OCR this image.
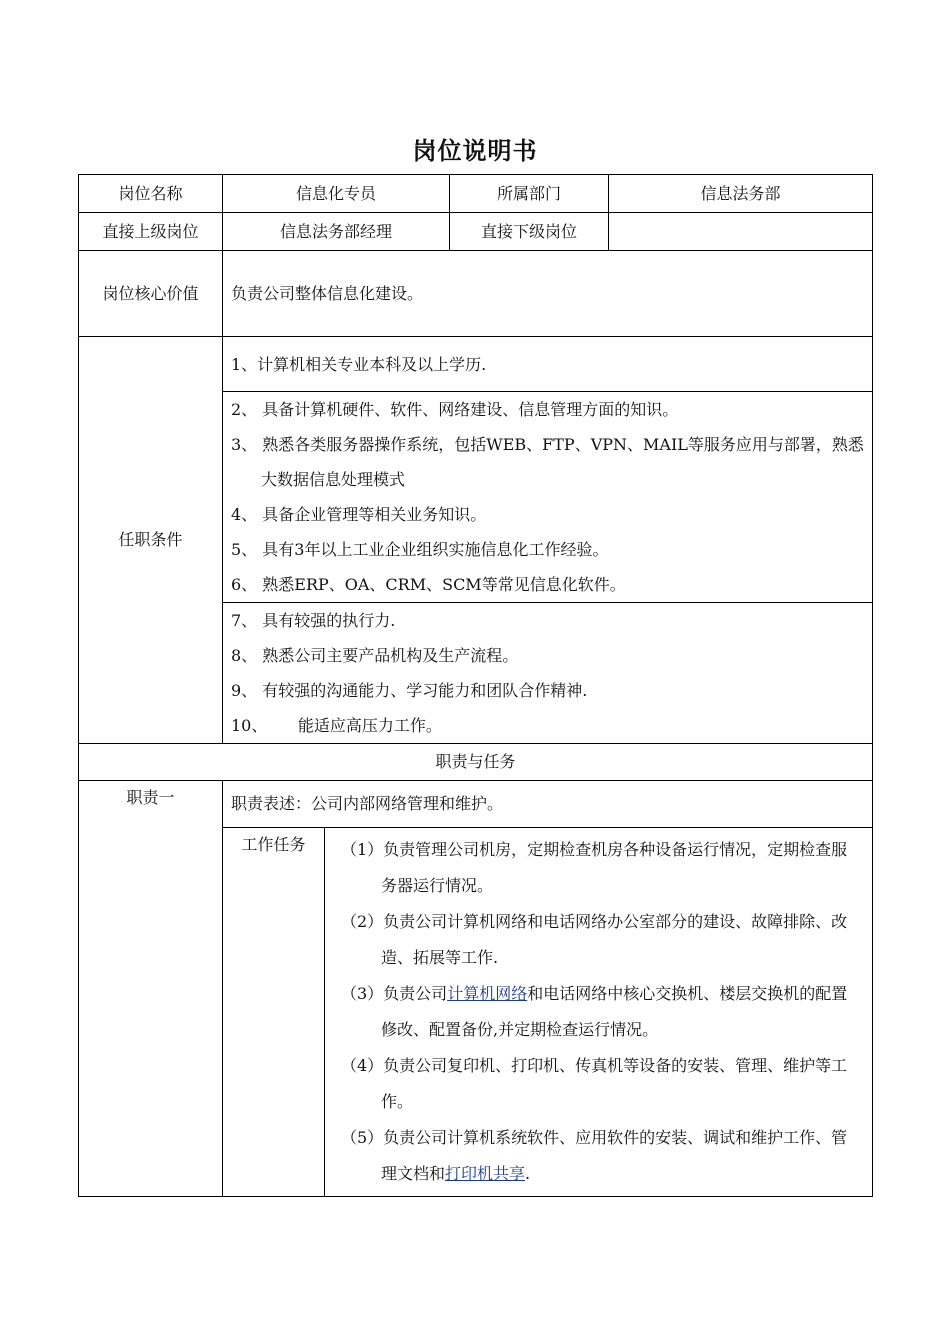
岗位说明书
岗位名称	信息化专员		所属部门	信息法务部
直接上级岗位	信息法务部经理		直接下级岗位	
岗位核心价值	负责公司整体信息化建设。			
任职条件	1、计算机相关专业本科及以上学历.			

	2、 具备计算机硬件、软件、网络建设、信息管理方面的知识。
3、 熟悉各类服务器操作系统，包括WEB、FTP、VPN、MAIL等服务应用与部署，熟悉大数据信息处理模式
4、 具备企业管理等相关业务知识。
5、 具有3年以上工业企业组织实施信息化工作经验。
6、 熟悉ERP、OA、CRM、SCM等常见信息化软件。			

	7、 具有较强的执行力.
8、 熟悉公司主要产品机构及生产流程。
9、 有较强的沟通能力、学习能力和团队合作精神.
10、      能适应高压力工作。			

职责与任务				
职责一	职责表述：公司内部网络管理和维护。			
	工作任务	（1）负责管理公司机房，定期检查机房各种设备运行情况，定期检查服务器运行情况。
（2）负责公司计算机网络和电话网络办公室部分的建设、故障排除、改造、拓展等工作.
（3）负责公司计算机网络和电话网络中核心交换机、楼层交换机的配置修改、配置备份,并定期检查运行情况。
（4）负责公司复印机、打印机、传真机等设备的安装、管理、维护等工作。
（5）负责公司计算机系统软件、应用软件的安装、调试和维护工作、管理文档和打印机共享.		
